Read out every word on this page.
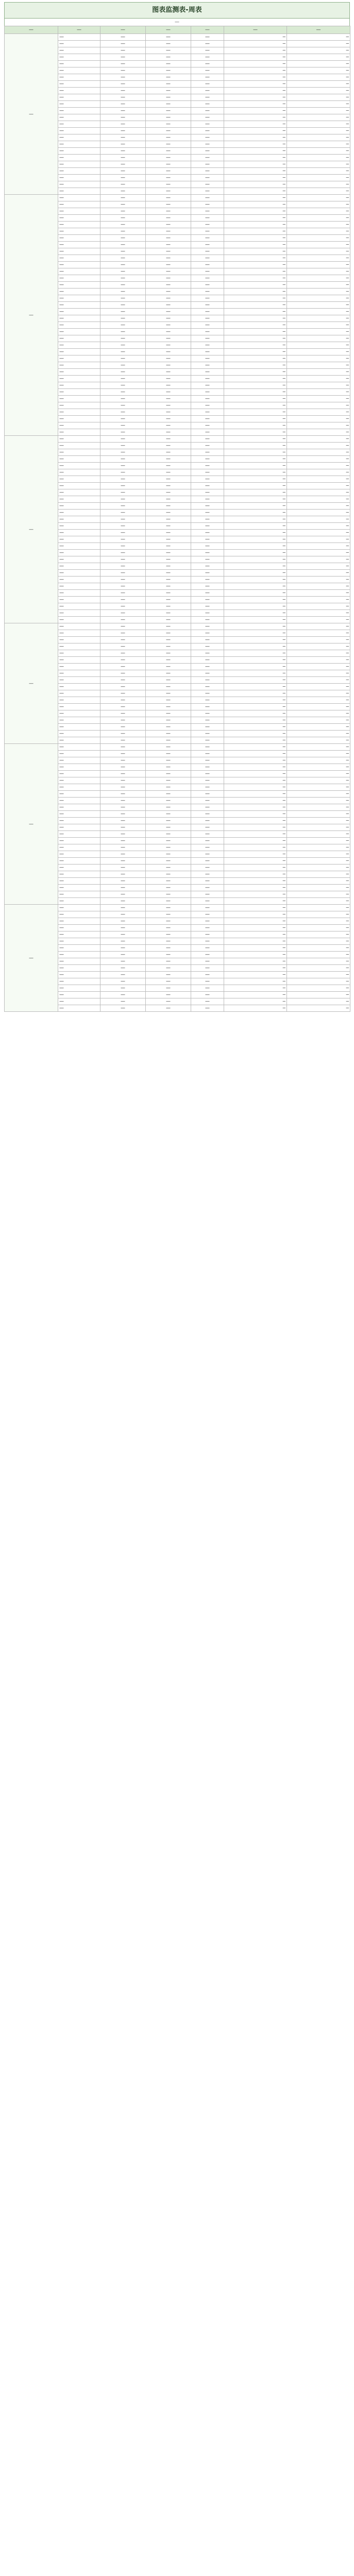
图表监测表-周表
—
—	—	—	—	—	—	—
—	—	—	—	—	—	—
	—	—	—	—	—	—
	—	—	—	—	—	—
	—	—	—	—	—	—
	—	—	—	—	—	—
	—	—	—	—	—	—
	—	—	—	—	—	—
	—	—	—	—	—	—
	—	—	—	—	—	—
	—	—	—	—	—	—
	—	—	—	—	—	—
	—	—	—	—	—	—
	—	—	—	—	—	—
	—	—	—	—	—	—
	—	—	—	—	—	—
	—	—	—	—	—	—
	—	—	—	—	—	—
	—	—	—	—	—	—
	—	—	—	—	—	—
	—	—	—	—	—	—
	—	—	—	—	—	—
	—	—	—	—	—	—
	—	—	—	—	—	—
	—	—	—	—	—	—
—	—	—	—	—	—	—
	—	—	—	—	—	—
	—	—	—	—	—	—
	—	—	—	—	—	—
	—	—	—	—	—	—
	—	—	—	—	—	—
	—	—	—	—	—	—
	—	—	—	—	—	—
	—	—	—	—	—	—
	—	—	—	—	—	—
	—	—	—	—	—	—
	—	—	—	—	—	—
	—	—	—	—	—	—
	—	—	—	—	—	—
	—	—	—	—	—	—
	—	—	—	—	—	—
	—	—	—	—	—	—
	—	—	—	—	—	—
	—	—	—	—	—	—
	—	—	—	—	—	—
	—	—	—	—	—	—
	—	—	—	—	—	—
	—	—	—	—	—	—
	—	—	—	—	—	—
	—	—	—	—	—	—
	—	—	—	—	—	—
	—	—	—	—	—	—
	—	—	—	—	—	—
	—	—	—	—	—	—
	—	—	—	—	—	—
	—	—	—	—	—	—
	—	—	—	—	—	—
	—	—	—	—	—	—
	—	—	—	—	—	—
	—	—	—	—	—	—
	—	—	—	—	—	—
—	—	—	—	—	—	—
	—	—	—	—	—	—
	—	—	—	—	—	—
	—	—	—	—	—	—
	—	—	—	—	—	—
	—	—	—	—	—	—
	—	—	—	—	—	—
	—	—	—	—	—	—
	—	—	—	—	—	—
	—	—	—	—	—	—
	—	—	—	—	—	—
	—	—	—	—	—	—
	—	—	—	—	—	—
	—	—	—	—	—	—
	—	—	—	—	—	—
	—	—	—	—	—	—
	—	—	—	—	—	—
	—	—	—	—	—	—
	—	—	—	—	—	—
	—	—	—	—	—	—
	—	—	—	—	—	—
	—	—	—	—	—	—
	—	—	—	—	—	—
	—	—	—	—	—	—
	—	—	—	—	—	—
	—	—	—	—	—	—
	—	—	—	—	—	—
	—	—	—	—	—	—
—	—	—	—	—	—	—
	—	—	—	—	—	—
	—	—	—	—	—	—
	—	—	—	—	—	—
	—	—	—	—	—	—
	—	—	—	—	—	—
	—	—	—	—	—	—
	—	—	—	—	—	—
	—	—	—	—	—	—
	—	—	—	—	—	—
	—	—	—	—	—	—
	—	—	—	—	—	—
	—	—	—	—	—	—
	—	—	—	—	—	—
	—	—	—	—	—	—
	—	—	—	—	—	—
	—	—	—	—	—	—
	—	—	—	—	—	—
—	—	—	—	—	—	—
	—	—	—	—	—	—
	—	—	—	—	—	—
	—	—	—	—	—	—
	—	—	—	—	—	—
	—	—	—	—	—	—
	—	—	—	—	—	—
	—	—	—	—	—	—
	—	—	—	—	—	—
	—	—	—	—	—	—
	—	—	—	—	—	—
	—	—	—	—	—	—
	—	—	—	—	—	—
	—	—	—	—	—	—
	—	—	—	—	—	—
	—	—	—	—	—	—
	—	—	—	—	—	—
	—	—	—	—	—	—
	—	—	—	—	—	—
	—	—	—	—	—	—
	—	—	—	—	—	—
	—	—	—	—	—	—
	—	—	—	—	—	—
	—	—	—	—	—	—
—	—	—	—	—	—	—
	—	—	—	—	—	—
	—	—	—	—	—	—
	—	—	—	—	—	—
	—	—	—	—	—	—
	—	—	—	—	—	—
	—	—	—	—	—	—
	—	—	—	—	—	—
	—	—	—	—	—	—
	—	—	—	—	—	—
	—	—	—	—	—	—
	—	—	—	—	—	—
	—	—	—	—	—	—
	—	—	—	—	—	—
	—	—	—	—	—	—
	—	—	—	—	—	—
